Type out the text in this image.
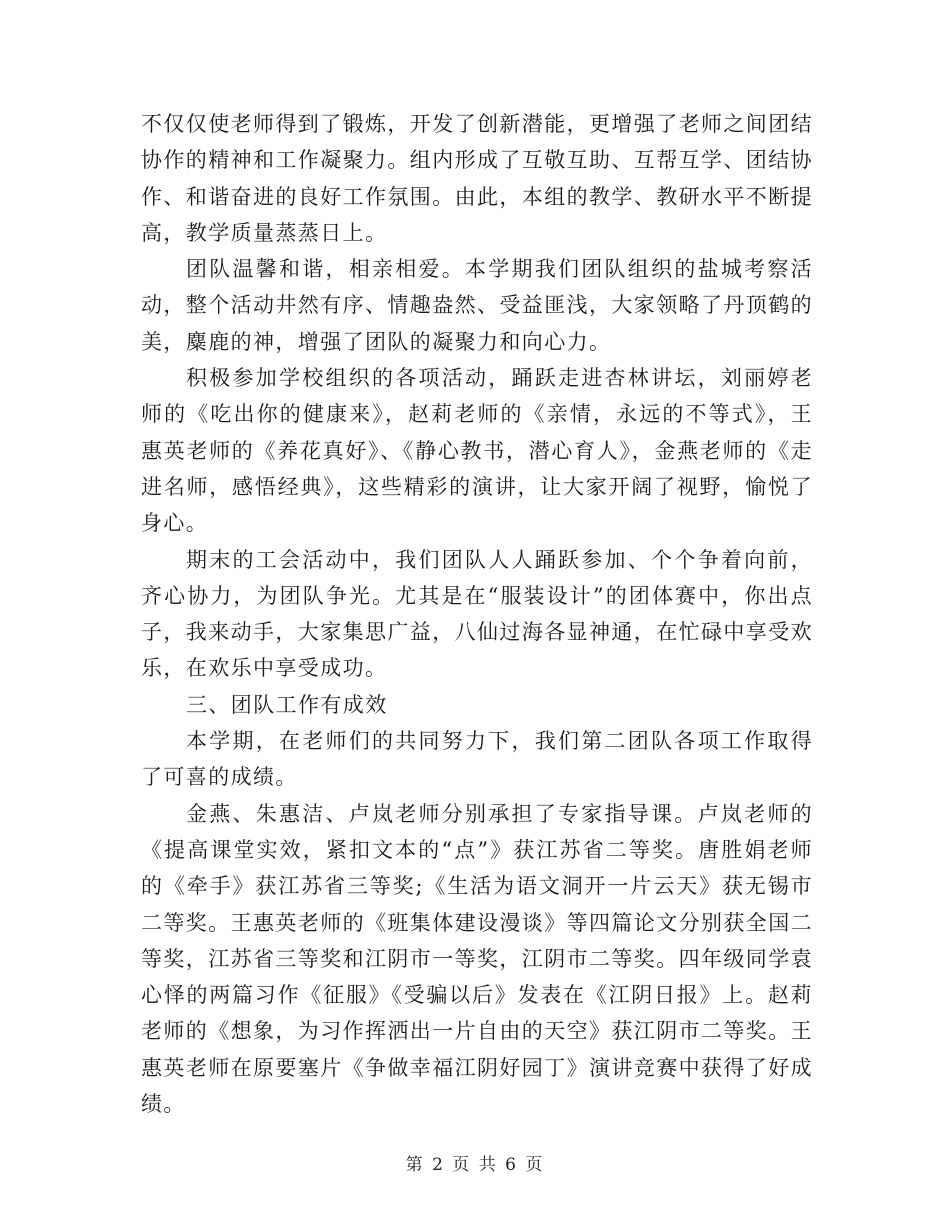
不仅仅使老师得到了锻炼，开发了创新潜能，更增强了老师之间团结协作的精神和工作凝聚力。组内形成了互敬互助、互帮互学、团结协作、和谐奋进的良好工作氛围。由此，本组的教学、教研水平不断提高，教学质量蒸蒸日上。

团队温馨和谐，相亲相爱。本学期我们团队组织的盐城考察活动，整个活动井然有序、情趣盎然、受益匪浅，大家领略了丹顶鹤的美，麋鹿的神，增强了团队的凝聚力和向心力。

积极参加学校组织的各项活动，踊跃走进杏林讲坛，刘丽婷老师的《吃出你的健康来》，赵莉老师的《亲情，永远的不等式》，王惠英老师的《养花真好》、《静心教书，潜心育人》，金燕老师的《走进名师，感悟经典》，这些精彩的演讲，让大家开阔了视野，愉悦了身心。

期末的工会活动中，我们团队人人踊跃参加、个个争着向前，齐心协力，为团队争光。尤其是在“服装设计”的团体赛中，你出点子，我来动手，大家集思广益，八仙过海各显神通，在忙碌中享受欢乐，在欢乐中享受成功。

三、团队工作有成效

本学期，在老师们的共同努力下，我们第二团队各项工作取得了可喜的成绩。

金燕、朱惠洁、卢岚老师分别承担了专家指导课。卢岚老师的《提高课堂实效，紧扣文本的“点”》获江苏省二等奖。唐胜娟老师的《牵手》获江苏省三等奖;《生活为语文洞开一片云天》获无锡市二等奖。王惠英老师的《班集体建设漫谈》等四篇论文分别获全国二等奖，江苏省三等奖和江阴市一等奖，江阴市二等奖。四年级同学袁心怿的两篇习作《征服》《受骗以后》发表在《江阴日报》上。赵莉老师的《想象，为习作挥洒出一片自由的天空》获江阴市二等奖。王惠英老师在原要塞片《争做幸福江阴好园丁》演讲竞赛中获得了好成绩。

第 2 页 共 6 页
